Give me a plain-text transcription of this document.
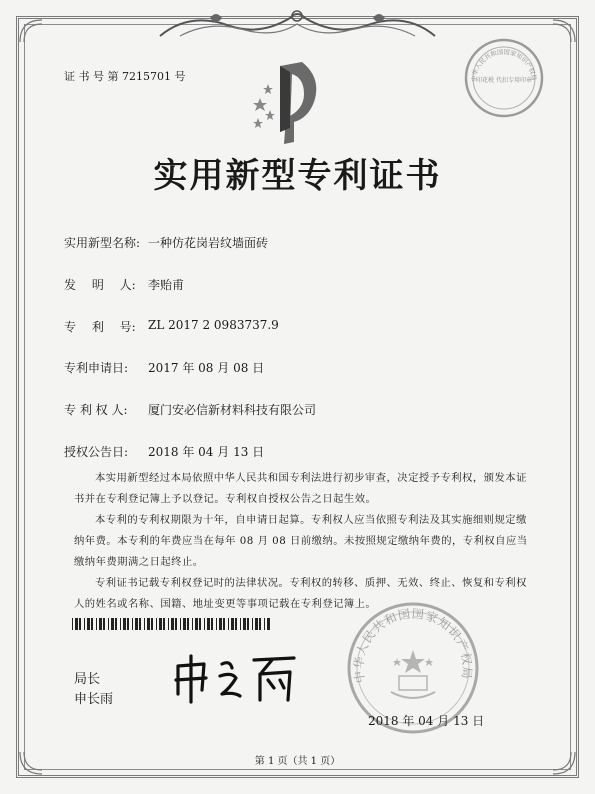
证 书 号 第 7215701 号	中华人民共和国国家知识产权局
印花税 代扣专用印章
实用新型专利证书
实用新型名称: 一种仿花岗岩纹墙面砖
发　 明　 人: 李贻甫
专　 利　 号: ZL 2017 2 0983737.9
专利申请日: 2017 年 08 月 08 日
专 利 权 人: 厦门安必信新材料科技有限公司
授权公告日: 2018 年 04 月 13 日
本实用新型经过本局依照中华人民共和国专利法进行初步审查，决定授予专利权，颁发本证书并在专利登记簿上予以登记。专利权自授权公告之日起生效。
本专利的专利权期限为十年，自申请日起算。专利权人应当依照专利法及其实施细则规定缴纳年费。本专利的年费应当在每年 08 月 08 日前缴纳。未按照规定缴纳年费的，专利权自应当缴纳年费期满之日起终止。
专利证书记载专利权登记时的法律状况。专利权的转移、质押、无效、终止、恢复和专利权人的姓名或名称、国籍、地址变更等事项记载在专利登记簿上。
局长
申长雨
中华人民共和国国家知识产权局
2018 年 04 月 13 日
第 1 页（共 1 页）
